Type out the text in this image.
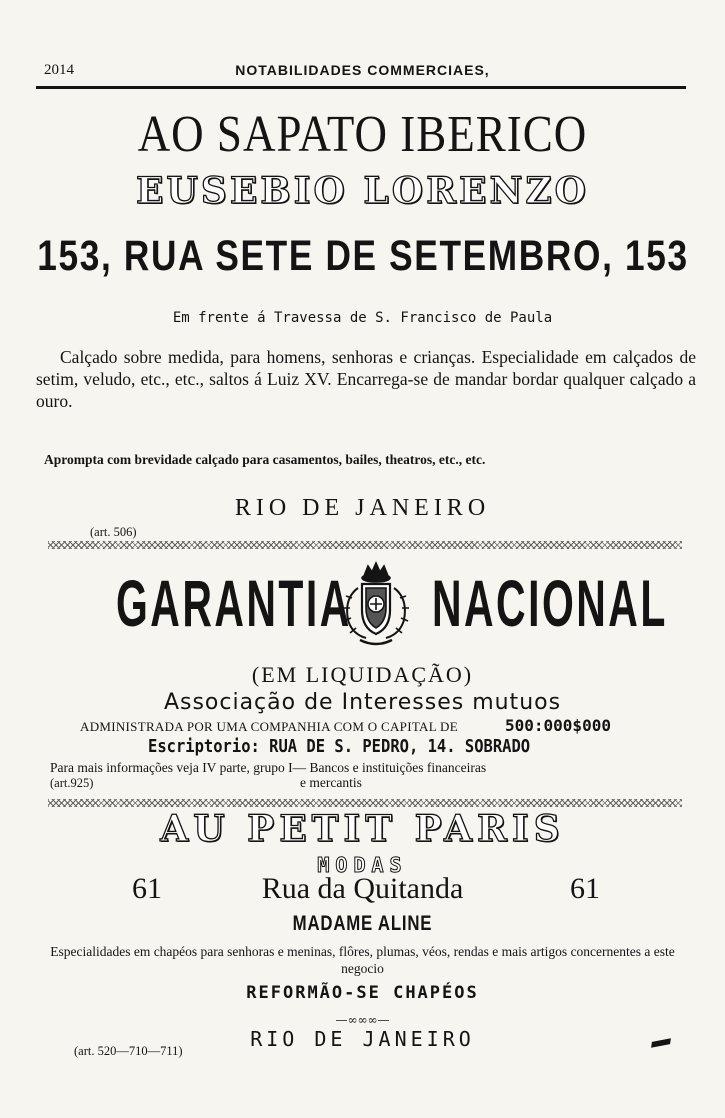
2014	NOTABILIDADES COMMERCIAES,
AO SAPATO IBERICO
EUSEBIO LORENZO
153, RUA SETE DE SETEMBRO, 153
Em frente á Travessa de S. Francisco de Paula
Calçado sobre medida, para homens, senhoras e crianças. Especialidade em calçados de setim, veludo, etc., etc., saltos á Luiz XV. Encarrega-se de mandar bordar qualquer calçado a ouro.
Aprompta com brevidade calçado para casamentos, bailes, theatros, etc., etc.
RIO DE JANEIRO
(art. 506)
GARANTIA NACIONAL
(EM LIQUIDAÇÃO)
Associação de Interesses mutuos
ADMINISTRADA POR UMA COMPANHIA COM O CAPITAL DE	500:000$000
Escriptorio: RUA DE S. PEDRO, 14. SOBRADO
Para mais informações veja IV parte, grupo I— Bancos e instituições financeiras
e mercantis
(art.925)
AU PETIT PARIS
MODAS
61	Rua da Quitanda	61
MADAME ALINE
Especialidades em chapéos para senhoras e meninas, flôres, plumas, véos, rendas e mais artigos concernentes a este negocio
REFORMÃO-SE CHAPÉOS
—∞∞∞—
RIO DE JANEIRO
(art. 520—710—711)
